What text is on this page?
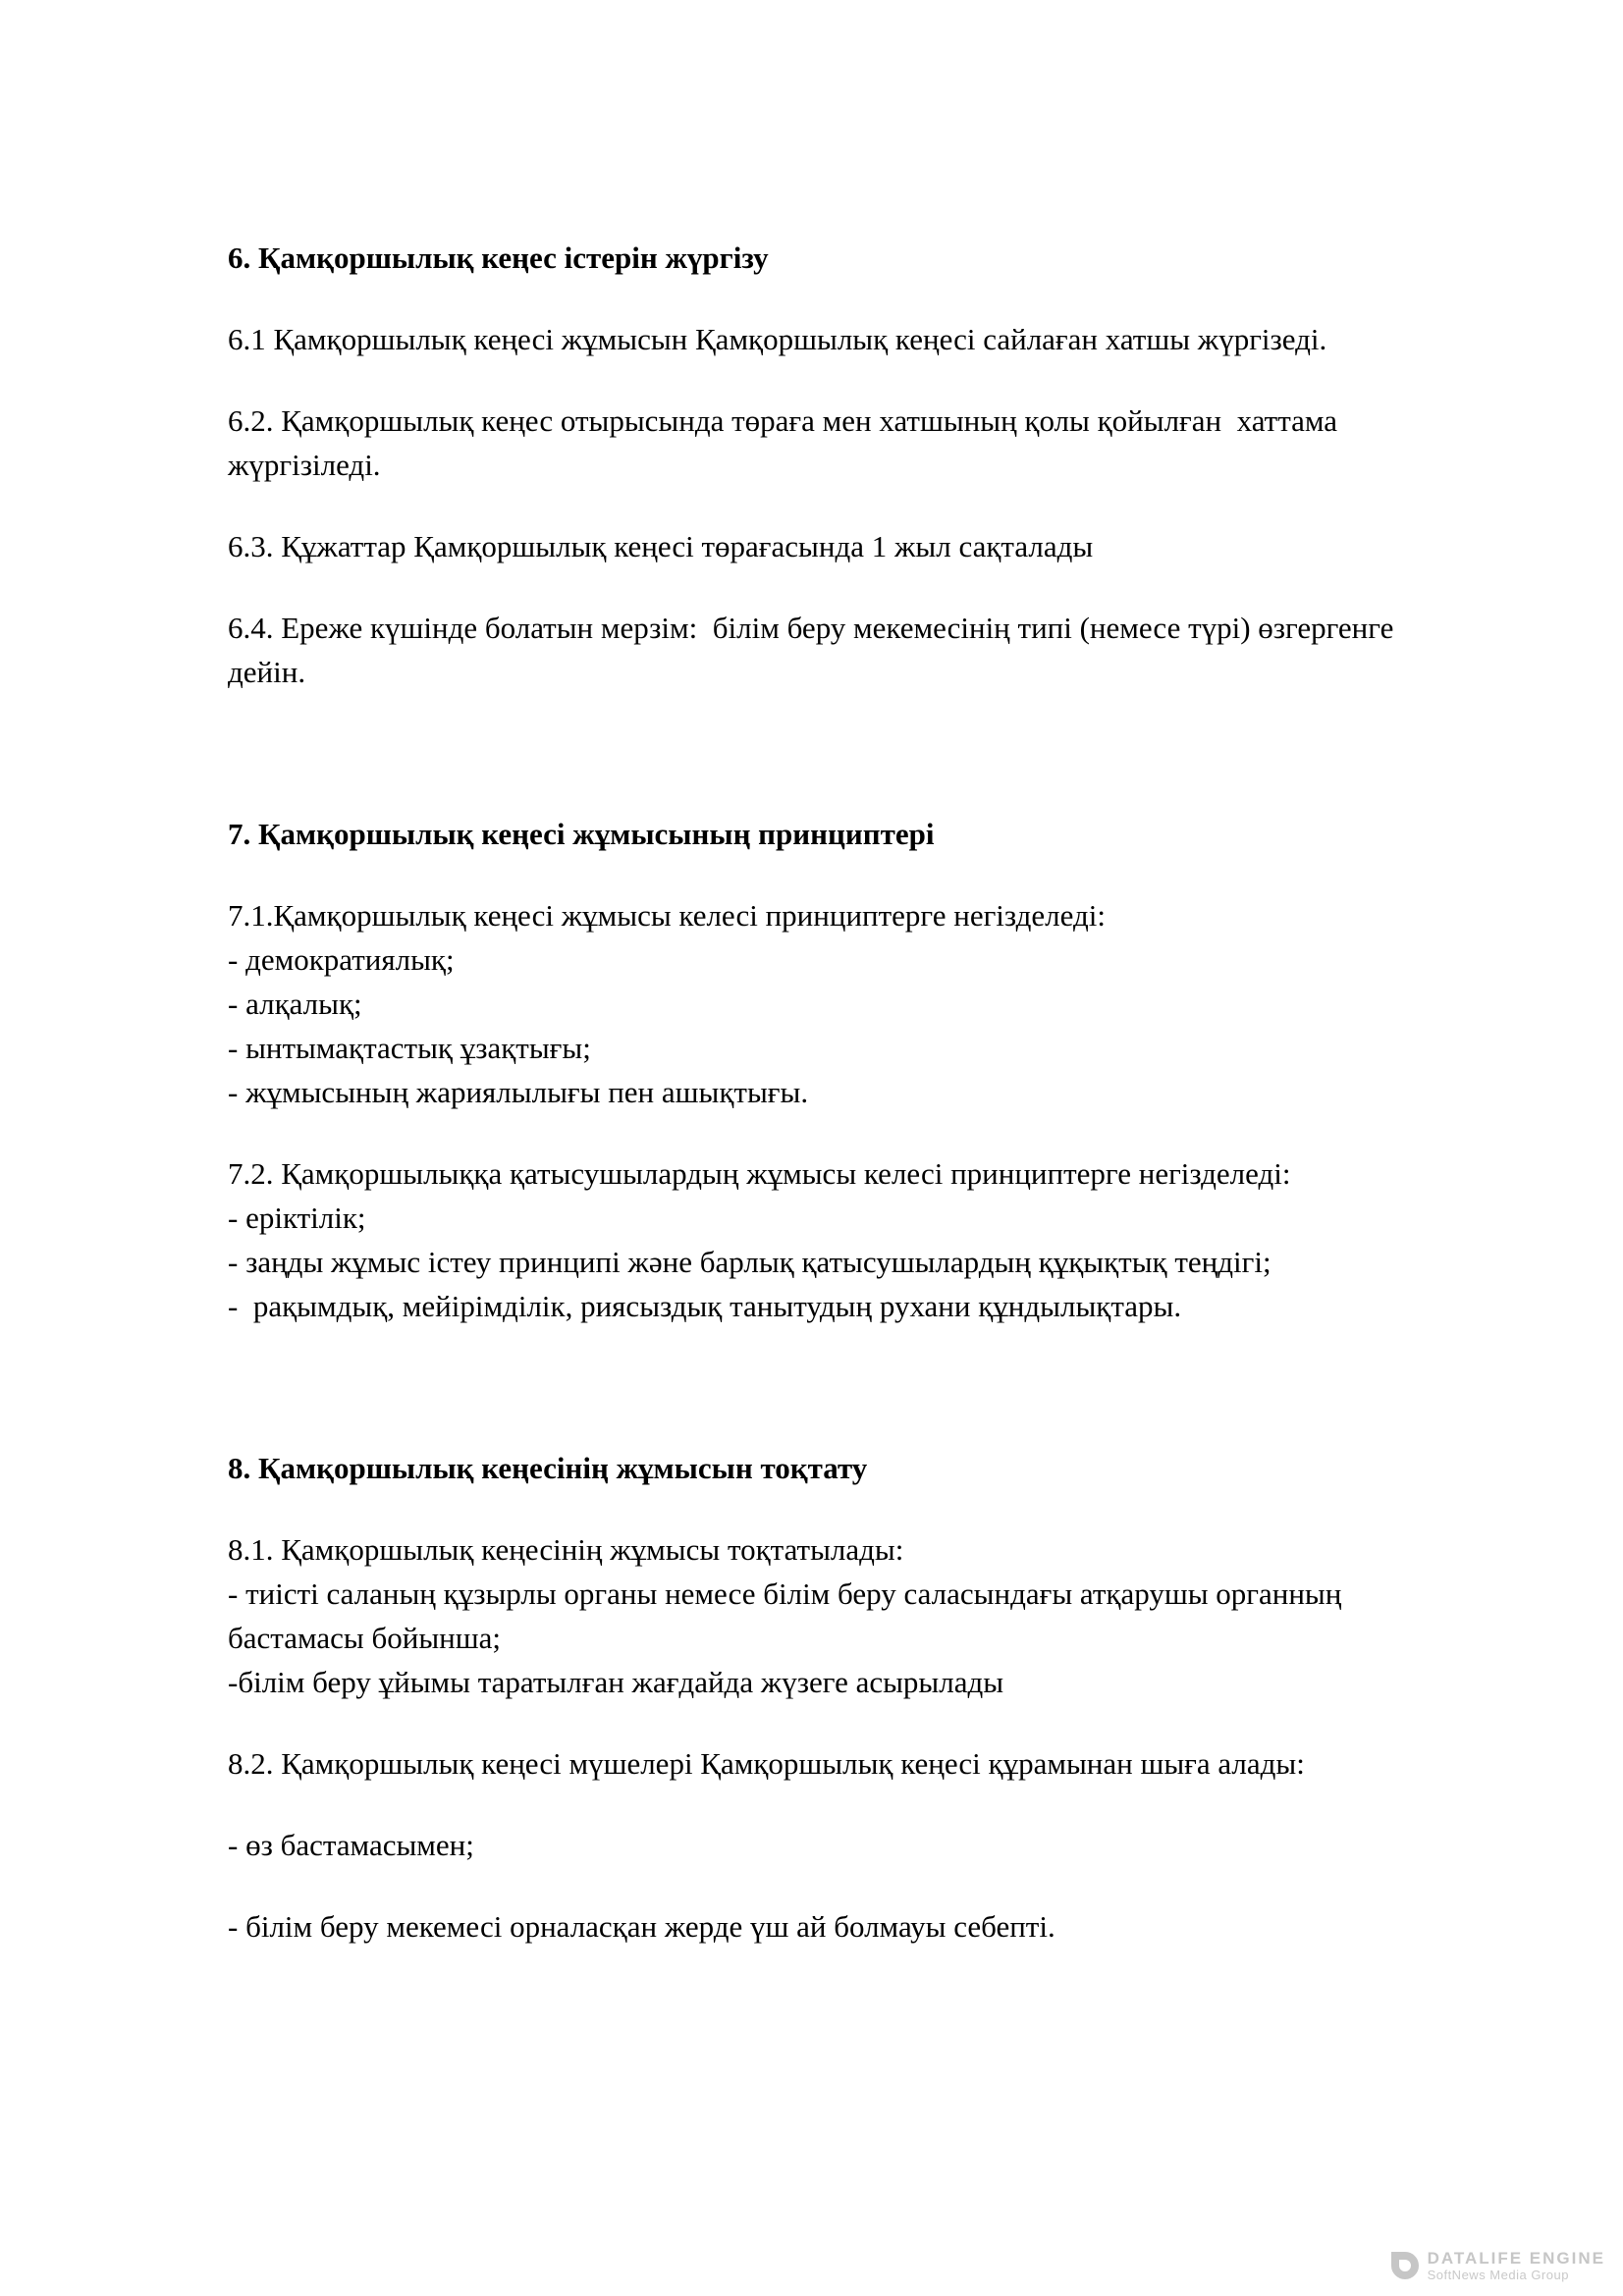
6. Қамқоршылық кеңес істерін жүргізу
6.1 Қамқоршылық кеңесі жұмысын Қамқоршылық кеңесі сайлаған хатшы жүргізеді.
6.2. Қамқоршылық кеңес отырысында төраға мен хатшының қолы қойылған  хаттама
жүргізіледі.
6.3. Құжаттар Қамқоршылық кеңесі төрағасында 1 жыл сақталады
6.4. Ереже күшінде болатын мерзім:  білім беру мекемесінің типі (немесе түрі) өзгергенге
дейін.
7. Қамқоршылық кеңесі жұмысының принциптері
7.1.Қамқоршылық кеңесі жұмысы келесі принциптерге негізделеді:
- демократиялық;
- алқалық;
- ынтымақтастық ұзақтығы;
- жұмысының жариялылығы пен ашықтығы.
7.2. Қамқоршылыққа қатысушылардың жұмысы келесі принциптерге негізделеді:
- еріктілік;
- заңды жұмыс істеу принципі және барлық қатысушылардың құқықтық теңдігі;
-  рақымдық, мейірімділік, риясыздық танытудың рухани құндылықтары.
8. Қамқоршылық кеңесінің жұмысын тоқтату
8.1. Қамқоршылық кеңесінің жұмысы тоқтатылады:
- тиісті саланың құзырлы органы немесе білім беру саласындағы атқарушы органның
бастамасы бойынша;
-білім беру ұйымы таратылған жағдайда жүзеге асырылады
8.2. Қамқоршылық кеңесі мүшелері Қамқоршылық кеңесі құрамынан шыға алады:
- өз бастамасымен;
- білім беру мекемесі орналасқан жерде үш ай болмауы себепті.
DATALIFE ENGINE
SoftNews Media Group
